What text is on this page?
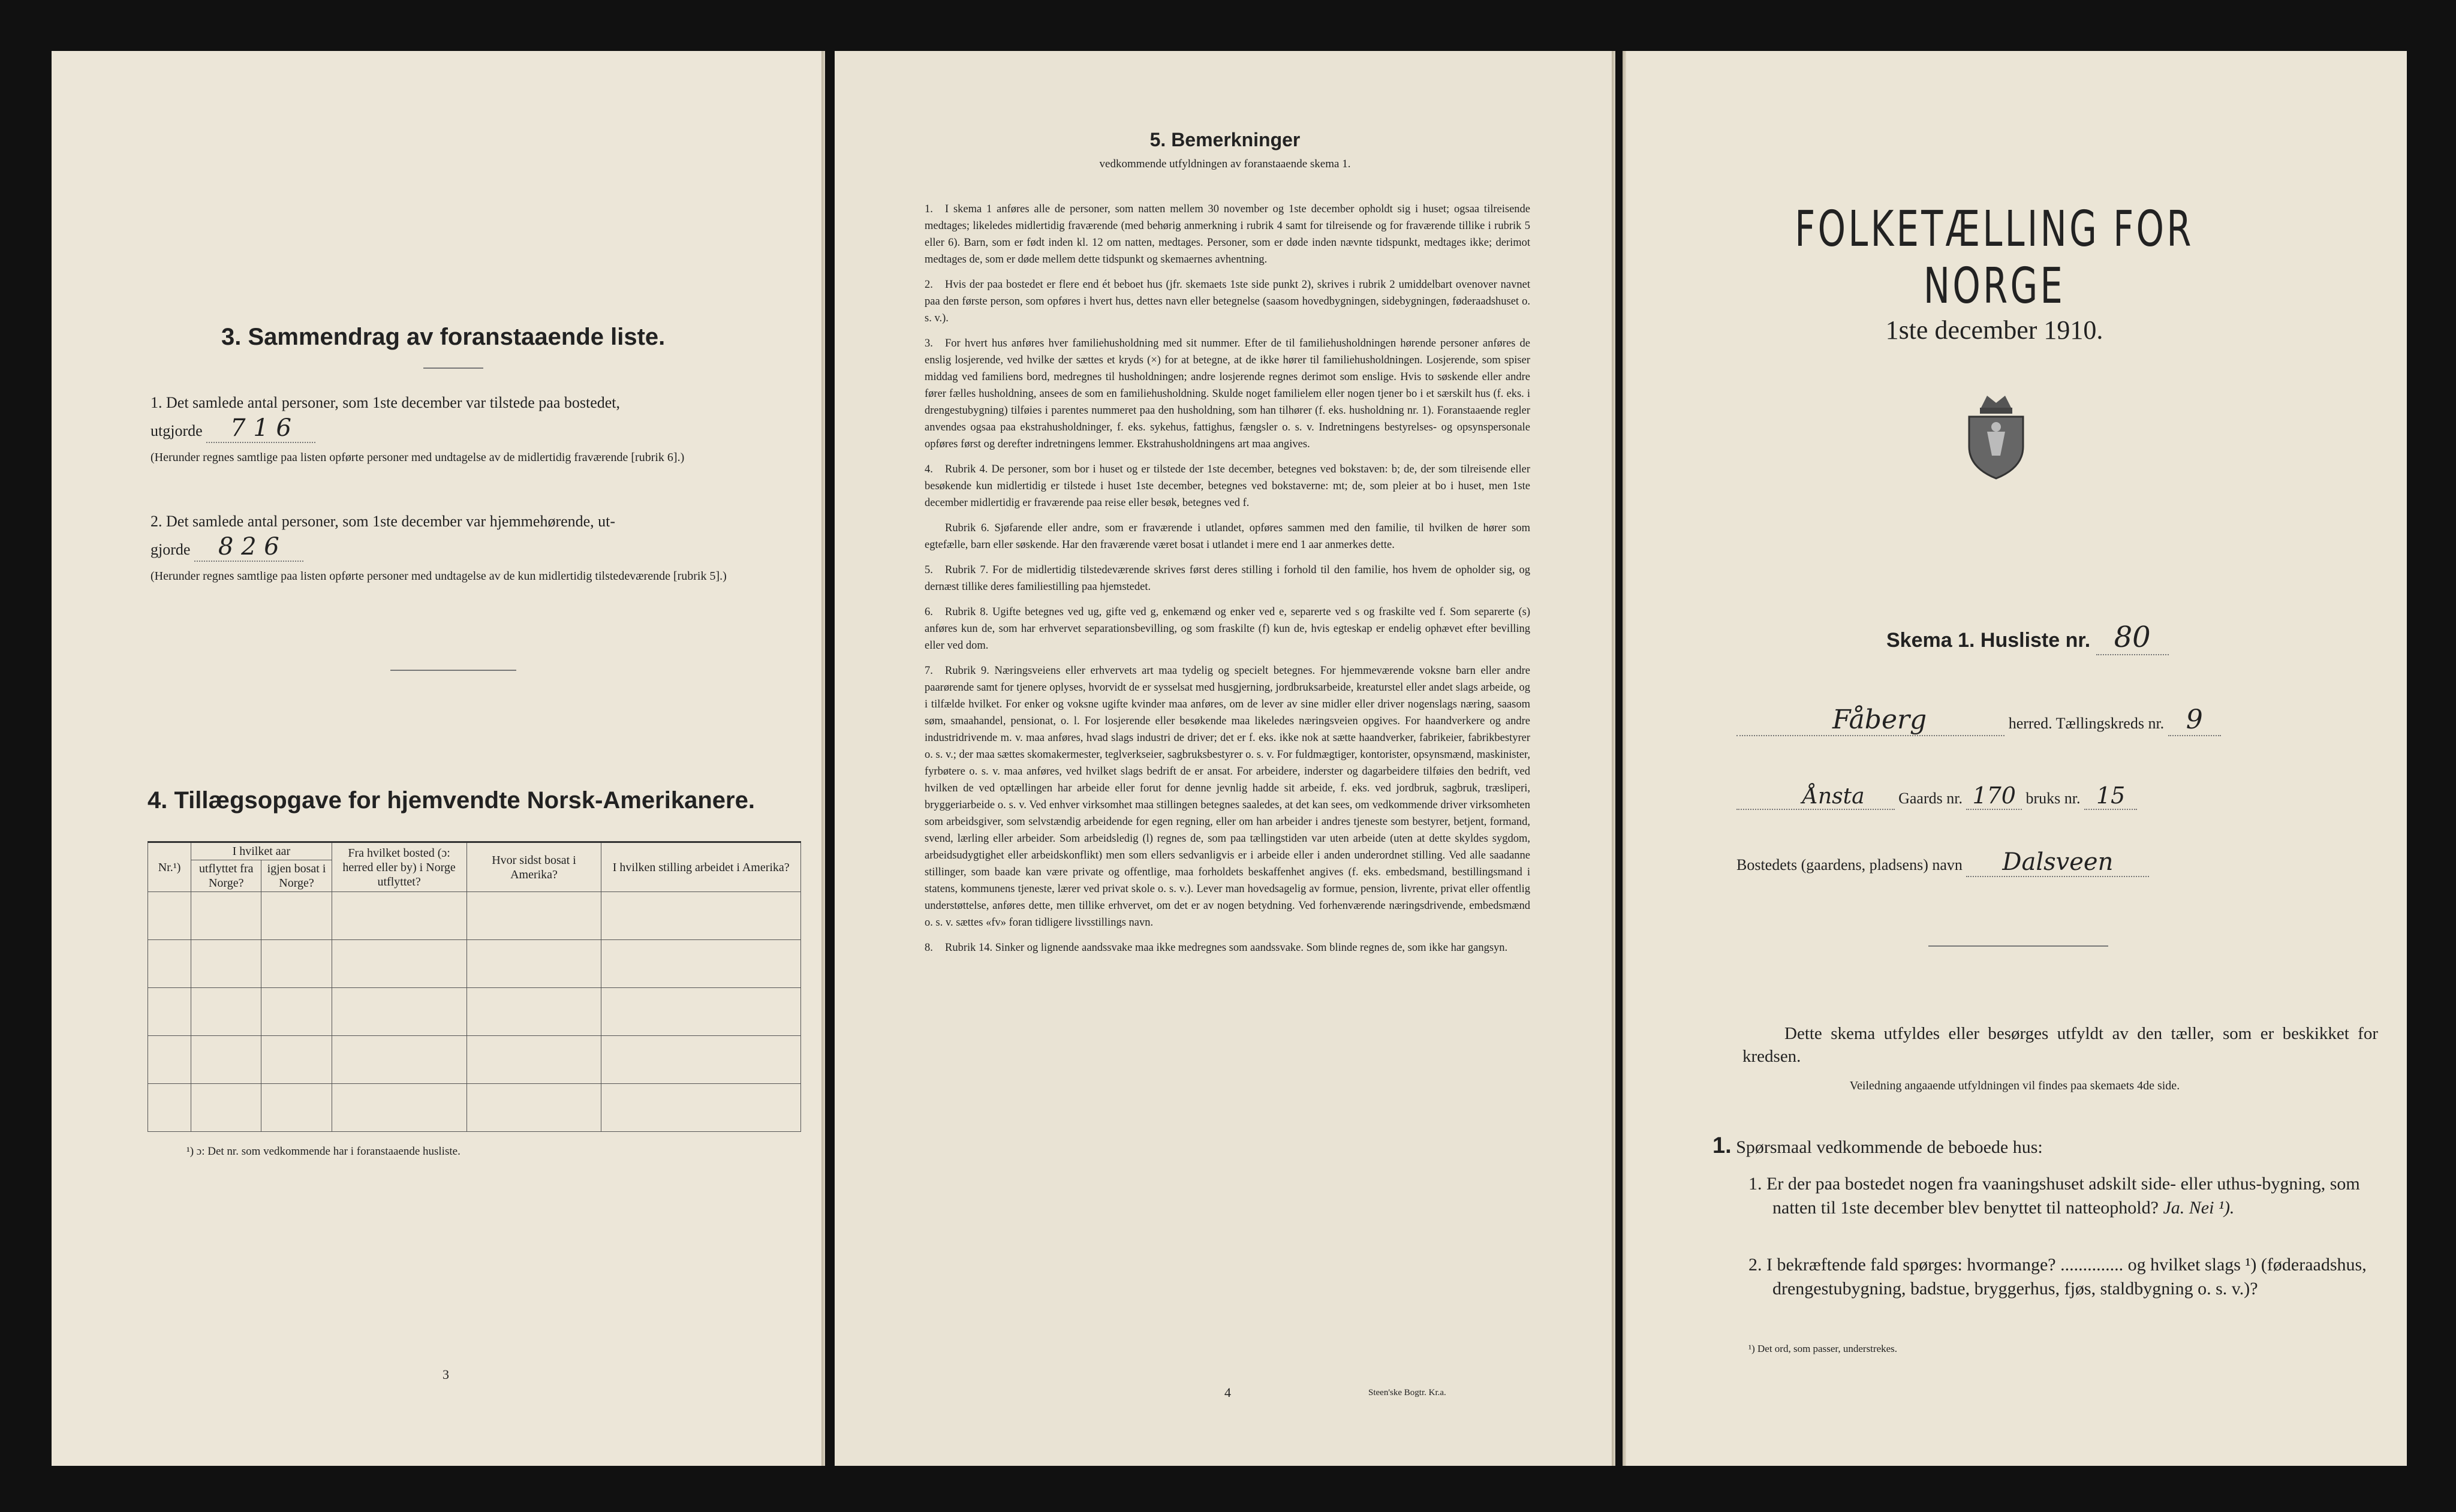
3. Sammendrag av foranstaaende liste.

1. Det samlede antal personer, som 1ste december var tilstede paa bostedet,

utgjorde 7 1 6

(Herunder regnes samtlige paa listen opførte personer med undtagelse av de midlertidig fraværende [rubrik 6].)

2. Det samlede antal personer, som 1ste december var hjemmehørende, ut-

gjorde 8 2 6

(Herunder regnes samtlige paa listen opførte personer med undtagelse av de kun midlertidig tilstedeværende [rubrik 5].)

4. Tillægsopgave for hjemvendte Norsk-Amerikanere.
Nr.¹)	I hvilket aar		Fra hvilket bosted (ɔ: herred eller by) i Norge utflyttet?	Hvor sidst bosat i Amerika?	I hvilken stilling arbeidet i Amerika?
	utflyttet fra Norge?	igjen bosat i Norge?			

¹) ɔ: Det nr. som vedkommende har i foranstaaende husliste.
3
5. Bemerkninger
vedkommende utfyldningen av foranstaaende skema 1.

1. I skema 1 anføres alle de personer, som natten mellem 30 november og 1ste december opholdt sig i huset; ogsaa tilreisende medtages; likeledes midlertidig fraværende (med behørig anmerkning i rubrik 4 samt for tilreisende og for fraværende tillike i rubrik 5 eller 6). Barn, som er født inden kl. 12 om natten, medtages. Personer, som er døde inden nævnte tidspunkt, medtages ikke; derimot medtages de, som er døde mellem dette tidspunkt og skemaernes avhentning.

2. Hvis der paa bostedet er flere end ét beboet hus (jfr. skemaets 1ste side punkt 2), skrives i rubrik 2 umiddelbart ovenover navnet paa den første person, som opføres i hvert hus, dettes navn eller betegnelse (saasom hovedbygningen, sidebygningen, føderaadshuset o. s. v.).

3. For hvert hus anføres hver familiehusholdning med sit nummer. Efter de til familiehusholdningen hørende personer anføres de enslig losjerende, ved hvilke der sættes et kryds (×) for at betegne, at de ikke hører til familiehusholdningen. Losjerende, som spiser middag ved familiens bord, medregnes til husholdningen; andre losjerende regnes derimot som enslige. Hvis to søskende eller andre fører fælles husholdning, ansees de som en familiehusholdning. Skulde noget familielem eller nogen tjener bo i et særskilt hus (f. eks. i drengestubygning) tilføies i parentes nummeret paa den husholdning, som han tilhører (f. eks. husholdning nr. 1). Foranstaaende regler anvendes ogsaa paa ekstrahusholdninger, f. eks. sykehus, fattighus, fængsler o. s. v. Indretningens bestyrelses- og opsynspersonale opføres først og derefter indretningens lemmer. Ekstrahusholdningens art maa angives.

4. Rubrik 4. De personer, som bor i huset og er tilstede der 1ste december, betegnes ved bokstaven: b; de, der som tilreisende eller besøkende kun midlertidig er tilstede i huset 1ste december, betegnes ved bokstaverne: mt; de, som pleier at bo i huset, men 1ste december midlertidig er fraværende paa reise eller besøk, betegnes ved f.

Rubrik 6. Sjøfarende eller andre, som er fraværende i utlandet, opføres sammen med den familie, til hvilken de hører som egtefælle, barn eller søskende. Har den fraværende været bosat i utlandet i mere end 1 aar anmerkes dette.

5. Rubrik 7. For de midlertidig tilstedeværende skrives først deres stilling i forhold til den familie, hos hvem de opholder sig, og dernæst tillike deres familiestilling paa hjemstedet.

6. Rubrik 8. Ugifte betegnes ved ug, gifte ved g, enkemænd og enker ved e, separerte ved s og fraskilte ved f. Som separerte (s) anføres kun de, som har erhvervet separationsbevilling, og som fraskilte (f) kun de, hvis egteskap er endelig ophævet efter bevilling eller ved dom.

7. Rubrik 9. Næringsveiens eller erhvervets art maa tydelig og specielt betegnes. For hjemmeværende voksne barn eller andre paarørende samt for tjenere oplyses, hvorvidt de er sysselsat med husgjerning, jordbruksarbeide, kreaturstel eller andet slags arbeide, og i tilfælde hvilket. For enker og voksne ugifte kvinder maa anføres, om de lever av sine midler eller driver nogenslags næring, saasom søm, smaahandel, pensionat, o. l. For losjerende eller besøkende maa likeledes næringsveien opgives. For haandverkere og andre industridrivende m. v. maa anføres, hvad slags industri de driver; det er f. eks. ikke nok at sætte haandverker, fabrikeier, fabrikbestyrer o. s. v.; der maa sættes skomakermester, teglverkseier, sagbruksbestyrer o. s. v. For fuldmægtiger, kontorister, opsynsmænd, maskinister, fyrbøtere o. s. v. maa anføres, ved hvilket slags bedrift de er ansat. For arbeidere, inderster og dagarbeidere tilføies den bedrift, ved hvilken de ved optællingen har arbeide eller forut for denne jevnlig hadde sit arbeide, f. eks. ved jordbruk, sagbruk, træsliperi, bryggeriarbeide o. s. v. Ved enhver virksomhet maa stillingen betegnes saaledes, at det kan sees, om vedkommende driver virksomheten som arbeidsgiver, som selvstændig arbeidende for egen regning, eller om han arbeider i andres tjeneste som bestyrer, betjent, formand, svend, lærling eller arbeider. Som arbeidsledig (l) regnes de, som paa tællingstiden var uten arbeide (uten at dette skyldes sygdom, arbeidsudygtighet eller arbeidskonflikt) men som ellers sedvanligvis er i arbeide eller i anden underordnet stilling. Ved alle saadanne stillinger, som baade kan være private og offentlige, maa forholdets beskaffenhet angives (f. eks. embedsmand, bestillingsmand i statens, kommunens tjeneste, lærer ved privat skole o. s. v.). Lever man hovedsagelig av formue, pension, livrente, privat eller offentlig understøttelse, anføres dette, men tillike erhvervet, om det er av nogen betydning. Ved forhenværende næringsdrivende, embedsmænd o. s. v. sættes «fv» foran tidligere livsstillings navn.

8. Rubrik 14. Sinker og lignende aandssvake maa ikke medregnes som aandssvake. Som blinde regnes de, som ikke har gangsyn.

4	Steen'ske Bogtr. Kr.a.
FOLKETÆLLING FOR NORGE
1ste december 1910.
Skema 1. Husliste nr. 80
Fåberg	herred. Tællingskreds nr. 9
Ånsta Gaards nr. 170 bruks nr. 15
Bostedets (gaardens, pladsens) navn Dalsveen
Dette skema utfyldes eller besørges utfyldt av den tæller, som er beskikket for kredsen.
Veiledning angaaende utfyldningen vil findes paa skemaets 4de side.
1. Spørsmaal vedkommende de beboede hus:
1. Er der paa bostedet nogen fra vaaningshuset adskilt side- eller uthus-bygning, som natten til 1ste december blev benyttet til natteophold? Ja. Nei ¹).
2. I bekræftende fald spørges: hvormange? .............. og hvilket slags ¹) (føderaadshus, drengestubygning, badstue, bryggerhus, fjøs, staldbygning o. s. v.)?
¹) Det ord, som passer, understrekes.
